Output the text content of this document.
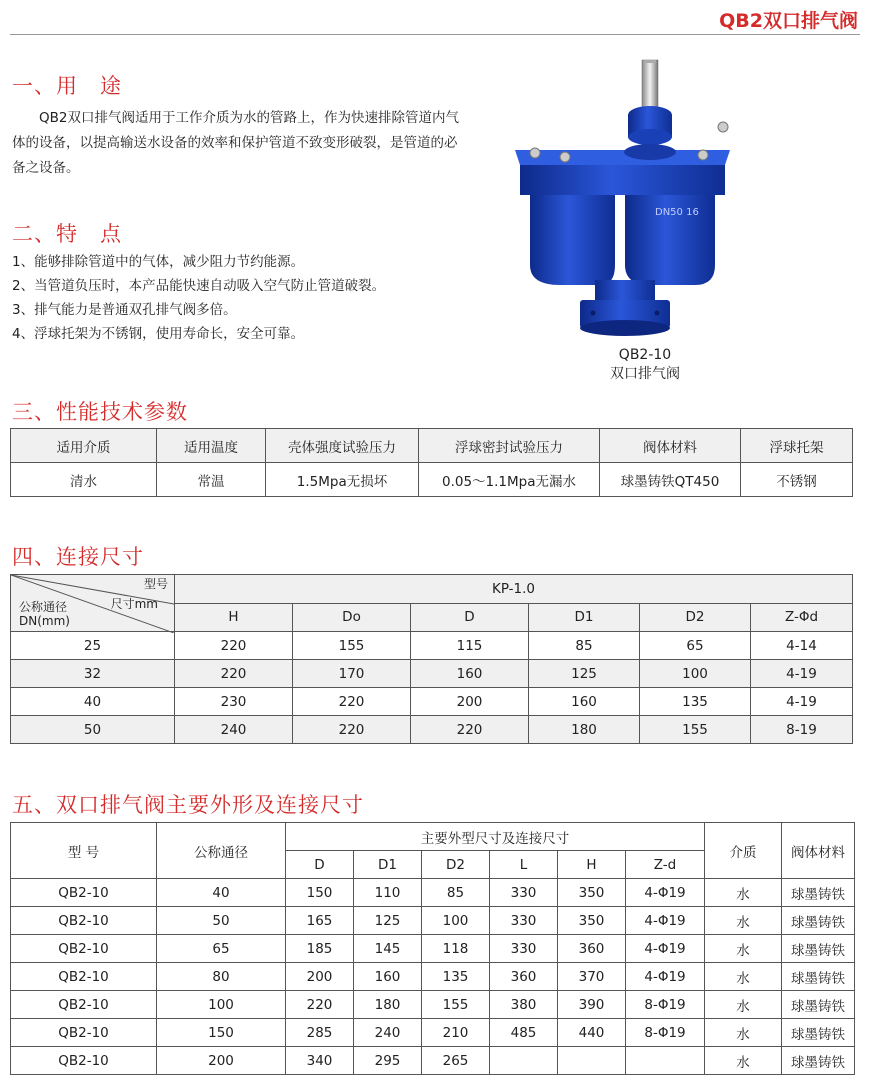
QB2双口排气阀
一、用　途
QB2双口排气阀适用于工作介质为水的管路上，作为快速排除管道内气体的设备，以提高输送水设备的效率和保护管道不致变形破裂，是管道的必备之设备。
二、特　点
1、能够排除管道中的气体，减少阻力节约能源。
2、当管道负压时，本产品能快速自动吸入空气防止管道破裂。
3、排气能力是普通双孔排气阀多倍。
4、浮球托架为不锈钢，使用寿命长，安全可靠。
DN50 16
QB2-10
双口排气阀
三、性能技术参数
适用介质	适用温度	壳体强度试验压力	浮球密封试验压力	阀体材料	浮球托架
清水	常温	1.5Mpa无损坏	0.05～1.1Mpa无漏水	球墨铸铁QT450	不锈钢
四、连接尺寸
型号
尺寸mm
公称通径
DN(mm)	KP-1.0					
	H	Do	D	D1	D2	Z-Φd
25	220	155	115	85	65	4-14
32	220	170	160	125	100	4-19
40	230	220	200	160	135	4-19
50	240	220	220	180	155	8-19
五、双口排气阀主要外形及连接尺寸
型 号	公称通径	主要外型尺寸及连接尺寸						介质	阀体材料
		D	D1	D2	L	H	Z-d		
QB2-10	40	150	110	85	330	350	4-Φ19	水	球墨铸铁
QB2-10	50	165	125	100	330	350	4-Φ19	水	球墨铸铁
QB2-10	65	185	145	118	330	360	4-Φ19	水	球墨铸铁
QB2-10	80	200	160	135	360	370	4-Φ19	水	球墨铸铁
QB2-10	100	220	180	155	380	390	8-Φ19	水	球墨铸铁
QB2-10	150	285	240	210	485	440	8-Φ19	水	球墨铸铁
QB2-10	200	340	295	265				水	球墨铸铁
